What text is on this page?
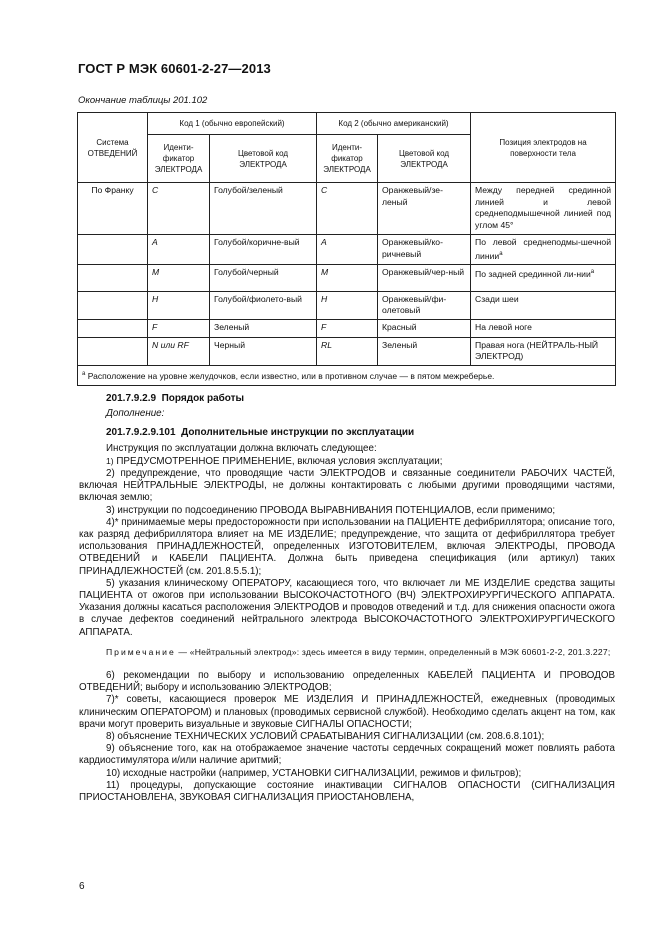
ГОСТ Р МЭК 60601-2-27—2013
Окончание таблицы 201.102
Система ОТВЕДЕНИЙ	Код 1 (обычно европейский)		Код 2 (обычно американский)		Позиция электродов на поверхности тела
	Иденти-фикатор ЭЛЕКТРОДА	Цветовой код ЭЛЕКТРОДА	Иденти-фикатор ЭЛЕКТРОДА	Цветовой код ЭЛЕКТРОДА	
По Франку	C	Голубой/зеленый	C	Оранжевый/зе-леный	Между передней срединной линией и левой среднеподмышечной линией под углом 45°
	A	Голубой/коричне-вый	A	Оранжевый/ко-ричневый	По левой среднеподмы-шечной линии$^a$
	M	Голубой/черный	M	Оранжевый/чер-ный	По задней срединной ли-нии$^a$
	H	Голубой/фиолето-вый	H	Оранжевый/фи-олетовый	Сзади шеи
	F	Зеленый	F	Красный	На левой ноге
	N или RF	Черный	RL	Зеленый	Правая нога (НЕЙТРАЛЬ-НЫЙ ЭЛЕКТРОД)
$^a$ Расположение на уровне желудочков, если известно, или в противном случае — в пятом межреберье.					

201.7.9.2.9 Порядок работы

Дополнение:

201.7.9.2.9.101 Дополнительные инструкции по эксплуатации

Инструкция по эксплуатации должна включать следующее:

1) ПРЕДУСМОТРЕННОЕ ПРИМЕНЕНИЕ, включая условия эксплуатации;

2) предупреждение, что проводящие части ЭЛЕКТРОДОВ и связанные соединители РАБОЧИХ ЧАСТЕЙ, включая НЕЙТРАЛЬНЫЕ ЭЛЕКТРОДЫ, не должны контактировать с любыми другими проводящими частями, включая землю;

3) инструкции по подсоединению ПРОВОДА ВЫРАВНИВАНИЯ ПОТЕНЦИАЛОВ, если применимо;

4)* принимаемые меры предосторожности при использовании на ПАЦИЕНТЕ дефибриллятора; описание того, как разряд дефибриллятора влияет на МЕ ИЗДЕЛИЕ; предупреждение, что защита от дефибриллятора требует использования ПРИНАДЛЕЖНОСТЕЙ, определенных ИЗГОТОВИТЕЛЕМ, включая ЭЛЕКТРОДЫ, ПРОВОДА ОТВЕДЕНИЙ и КАБЕЛИ ПАЦИЕНТА. Должна быть приведена спецификация (или артикул) таких ПРИНАДЛЕЖНОСТЕЙ (см. 201.8.5.5.1);

5) указания клиническому ОПЕРАТОРУ, касающиеся того, что включает ли МЕ ИЗДЕЛИЕ средства защиты ПАЦИЕНТА от ожогов при использовании ВЫСОКОЧАСТОТНОГО (ВЧ) ЭЛЕКТРОХИРУРГИЧЕСКОГО АППАРАТА. Указания должны касаться расположения ЭЛЕКТРОДОВ и проводов отведений и т.д. для снижения опасности ожога в случае дефектов соединений нейтрального электрода ВЫСОКОЧАСТОТНОГО ЭЛЕКТРОХИРУРГИЧЕСКОГО АППАРАТА.

Примечание — «Нейтральный электрод»: здесь имеется в виду термин, определенный в МЭК 60601-2-2, 201.3.227;

6) рекомендации по выбору и использованию определенных КАБЕЛЕЙ ПАЦИЕНТА И ПРОВОДОВ ОТВЕДЕНИЙ; выбору и использованию ЭЛЕКТРОДОВ;

7)* советы, касающиеся проверок МЕ ИЗДЕЛИЯ И ПРИНАДЛЕЖНОСТЕЙ, ежедневных (проводимых клиническим ОПЕРАТОРОМ) и плановых (проводимых сервисной службой). Необходимо сделать акцент на том, как врачи могут проверить визуальные и звуковые СИГНАЛЫ ОПАСНОСТИ;

8) объяснение ТЕХНИЧЕСКИХ УСЛОВИЙ СРАБАТЫВАНИЯ СИГНАЛИЗАЦИИ (см. 208.6.8.101);

9) объяснение того, как на отображаемое значение частоты сердечных сокращений может повлиять работа кардиостимулятора и/или наличие аритмий;

10) исходные настройки (например, УСТАНОВКИ СИГНАЛИЗАЦИИ, режимов и фильтров);

11) процедуры, допускающие состояние инактивации СИГНАЛОВ ОПАСНОСТИ (СИГНАЛИЗАЦИЯ ПРИОСТАНОВЛЕНА, ЗВУКОВАЯ СИГНАЛИЗАЦИЯ ПРИОСТАНОВЛЕНА,

6
